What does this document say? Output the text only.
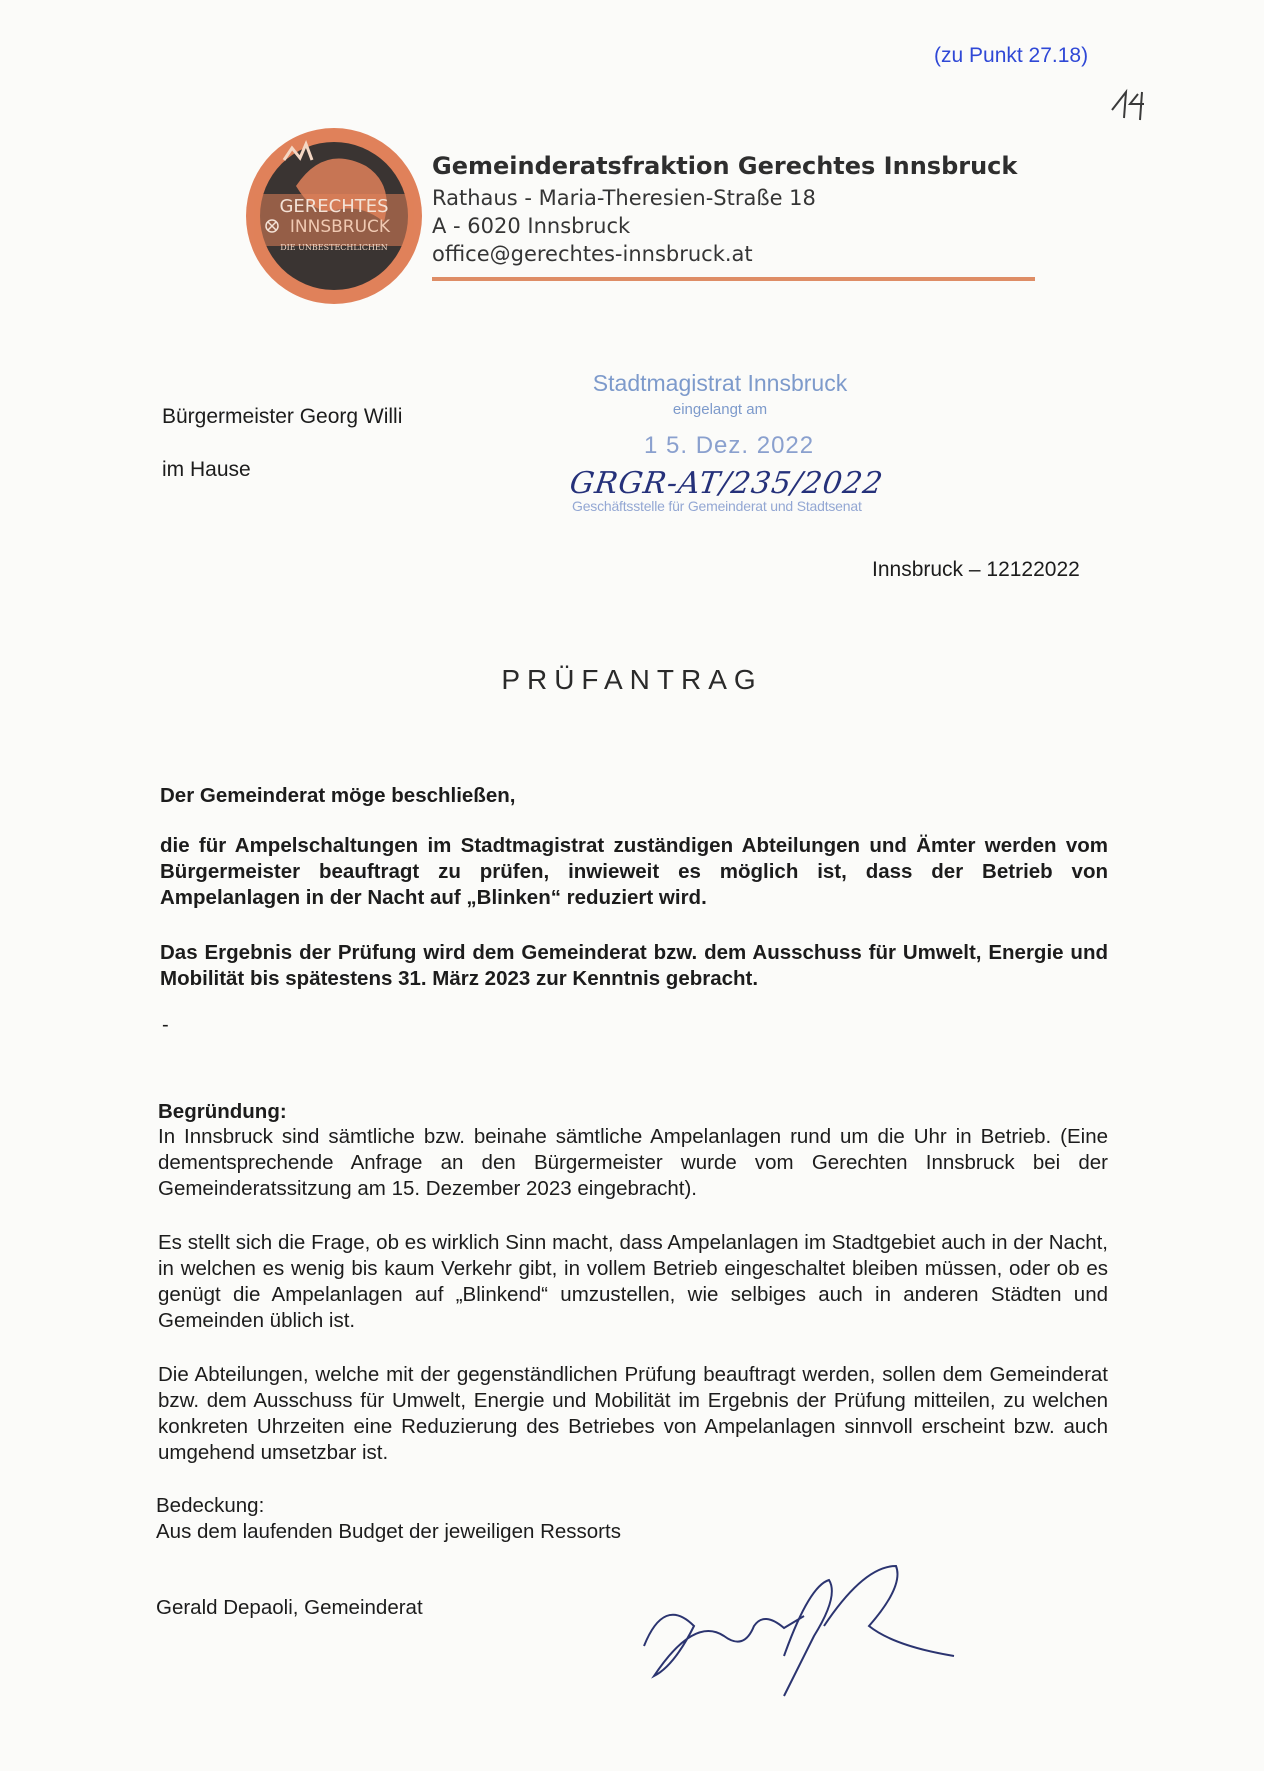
(zu Punkt 27.18)
GERECHTES
INNSBRUCK
DIE UNBESTECHLICHEN
Gemeinderatsfraktion Gerechtes Innsbruck
Rathaus - Maria-Theresien-Straße 18
A - 6020 Innsbruck
office@gerechtes-innsbruck.at
Bürgermeister Georg Willi
im Hause
Stadtmagistrat Innsbruck
eingelangt am
1 5. Dez. 2022
GRGR-AT/235/2022
Geschäftsstelle für Gemeinderat und Stadtsenat
Innsbruck – 12122022
PRÜFANTRAG
Der Gemeinderat möge beschließen,
die für Ampelschaltungen im Stadtmagistrat zuständigen Abteilungen und Ämter werden vom Bürgermeister beauftragt zu prüfen, inwieweit es möglich ist, dass der Betrieb von Ampelanlagen in der Nacht auf „Blinken“ reduziert wird.
Das Ergebnis der Prüfung wird dem Gemeinderat bzw. dem Ausschuss für Umwelt, Energie und Mobilität bis spätestens 31. März 2023 zur Kenntnis gebracht.
-
Begründung:
In Innsbruck sind sämtliche bzw. beinahe sämtliche Ampelanlagen rund um die Uhr in Betrieb. (Eine dementsprechende Anfrage an den Bürgermeister wurde vom Gerechten Innsbruck bei der Gemeinderatssitzung am 15. Dezember 2023 eingebracht).
Es stellt sich die Frage, ob es wirklich Sinn macht, dass Ampelanlagen im Stadtgebiet auch in der Nacht, in welchen es wenig bis kaum Verkehr gibt, in vollem Betrieb eingeschaltet bleiben müssen, oder ob es genügt die Ampelanlagen auf „Blinkend“ umzustellen, wie selbiges auch in anderen Städten und Gemeinden üblich ist.
Die Abteilungen, welche mit der gegenständlichen Prüfung beauftragt werden, sollen dem Gemeinderat bzw. dem Ausschuss für Umwelt, Energie und Mobilität im Ergebnis der Prüfung mitteilen, zu welchen konkreten Uhrzeiten eine Reduzierung des Betriebes von Ampelanlagen sinnvoll erscheint bzw. auch umgehend umsetzbar ist.
Bedeckung:
Aus dem laufenden Budget der jeweiligen Ressorts
Gerald Depaoli, Gemeinderat
